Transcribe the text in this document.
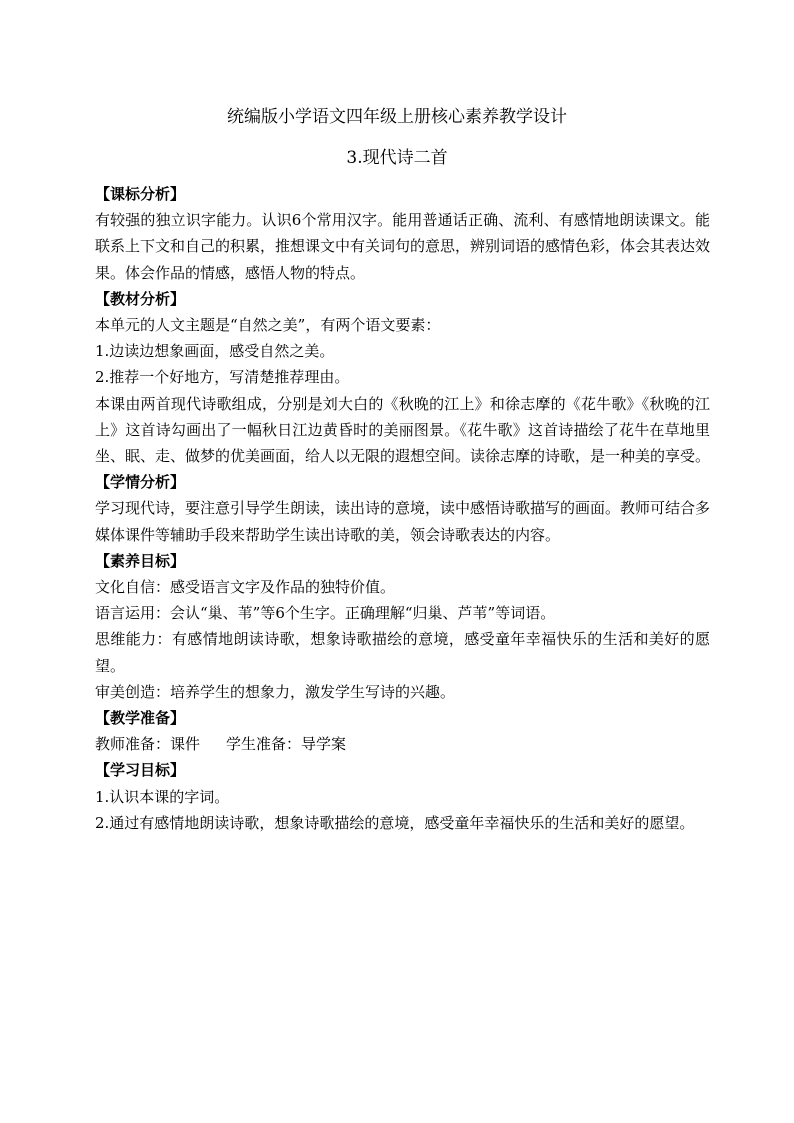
统编版小学语文四年级上册核心素养教学设计
3.现代诗二首

【课标分析】

有较强的独立识字能力。认识6个常用汉字。能用普通话正确、流利、有感情地朗读课文。能联系上下文和自己的积累，推想课文中有关词句的意思，辨别词语的感情色彩，体会其表达效果。体会作品的情感，感悟人物的特点。

【教材分析】

本单元的人文主题是“自然之美”，有两个语文要素：

1.边读边想象画面，感受自然之美。

2.推荐一个好地方，写清楚推荐理由。

本课由两首现代诗歌组成，分别是刘大白的《秋晚的江上》和徐志摩的《花牛歌》《秋晚的江上》这首诗勾画出了一幅秋日江边黄昏时的美丽图景。《花牛歌》这首诗描绘了花牛在草地里坐、眠、走、做梦的优美画面，给人以无限的遐想空间。读徐志摩的诗歌，是一种美的享受。

【学情分析】

学习现代诗，要注意引导学生朗读，读出诗的意境，读中感悟诗歌描写的画面。教师可结合多媒体课件等辅助手段来帮助学生读出诗歌的美，领会诗歌表达的内容。

【素养目标】

文化自信：感受语言文字及作品的独特价值。

语言运用：会认“巢、苇”等6个生字。正确理解“归巢、芦苇”等词语。

思维能力：有感情地朗读诗歌，想象诗歌描绘的意境，感受童年幸福快乐的生活和美好的愿望。

审美创造：培养学生的想象力，激发学生写诗的兴趣。

【教学准备】

教师准备：课件 学生准备：导学案

【学习目标】

1.认识本课的字词。

2.通过有感情地朗读诗歌，想象诗歌描绘的意境，感受童年幸福快乐的生活和美好的愿望。
